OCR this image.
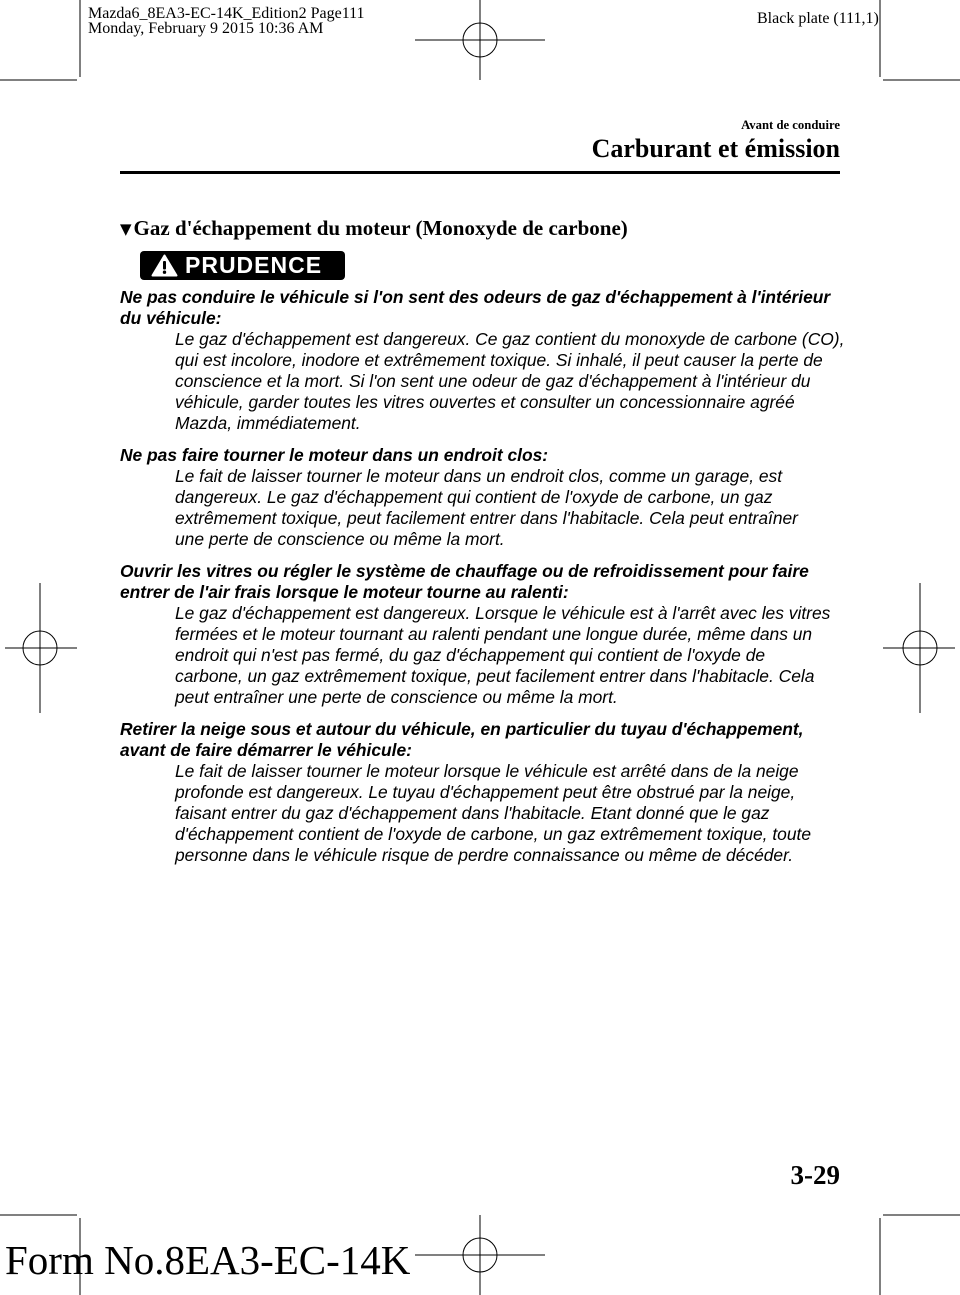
Mazda6_8EA3-EC-14K_Edition2 Page111
Monday, February 9 2015 10:36 AM
Black plate (111,1)
Avant de conduire
Carburant et émission
▼Gaz d'échappement du moteur (Monoxyde de carbone)
PRUDENCE
Ne pas conduire le véhicule si l'on sent des odeurs de gaz d'échappement à l'intérieur
du véhicule:
Le gaz d'échappement est dangereux. Ce gaz contient du monoxyde de carbone (CO),
qui est incolore, inodore et extrêmement toxique. Si inhalé, il peut causer la perte de
conscience et la mort. Si l'on sent une odeur de gaz d'échappement à l'intérieur du
véhicule, garder toutes les vitres ouvertes et consulter un concessionnaire agréé
Mazda, immédiatement.
Ne pas faire tourner le moteur dans un endroit clos:
Le fait de laisser tourner le moteur dans un endroit clos, comme un garage, est
dangereux. Le gaz d'échappement qui contient de l'oxyde de carbone, un gaz
extrêmement toxique, peut facilement entrer dans l'habitacle. Cela peut entraîner
une perte de conscience ou même la mort.
Ouvrir les vitres ou régler le système de chauffage ou de refroidissement pour faire
entrer de l'air frais lorsque le moteur tourne au ralenti:
Le gaz d'échappement est dangereux. Lorsque le véhicule est à l'arrêt avec les vitres
fermées et le moteur tournant au ralenti pendant une longue durée, même dans un
endroit qui n'est pas fermé, du gaz d'échappement qui contient de l'oxyde de
carbone, un gaz extrêmement toxique, peut facilement entrer dans l'habitacle. Cela
peut entraîner une perte de conscience ou même la mort.
Retirer la neige sous et autour du véhicule, en particulier du tuyau d'échappement,
avant de faire démarrer le véhicule:
Le fait de laisser tourner le moteur lorsque le véhicule est arrêté dans de la neige
profonde est dangereux. Le tuyau d'échappement peut être obstrué par la neige,
faisant entrer du gaz d'échappement dans l'habitacle. Etant donné que le gaz
d'échappement contient de l'oxyde de carbone, un gaz extrêmement toxique, toute
personne dans le véhicule risque de perdre connaissance ou même de décéder.
3-29
Form No.8EA3-EC-14K
